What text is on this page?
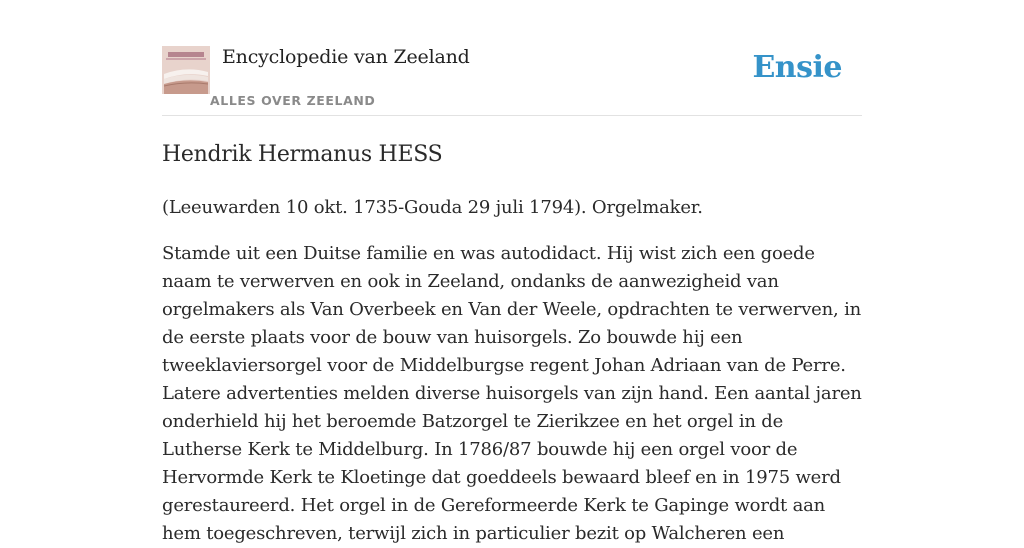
Encyclopedie van Zeeland
ALLES OVER ZEELAND
Ensie
Hendrik Hermanus HESS

(Leeuwarden 10 okt. 1735-Gouda 29 juli 1794). Orgelmaker.

Stamde uit een Duitse familie en was autodidact. Hij wist zich een goede naam te verwerven en ook in Zeeland, ondanks de aanwezigheid van orgelmakers als Van Overbeek en Van der Weele, opdrachten te verwerven, in de eerste plaats voor de bouw van huisorgels. Zo bouwde hij een tweeklaviersorgel voor de Middelburgse regent Johan Adriaan van de Perre. Latere advertenties melden diverse huisorgels van zijn hand. Een aantal jaren onderhield hij het beroemde Batzorgel te Zierikzee en het orgel in de Lutherse Kerk te Middelburg. In 1786/87 bouwde hij een orgel voor de Hervormde Kerk te Kloetinge dat goeddeels bewaard bleef en in 1975 werd gerestaureerd. Het orgel in de Gereformeerde Kerk te Gapinge wordt aan hem toegeschreven, terwijl zich in particulier bezit op Walcheren een
